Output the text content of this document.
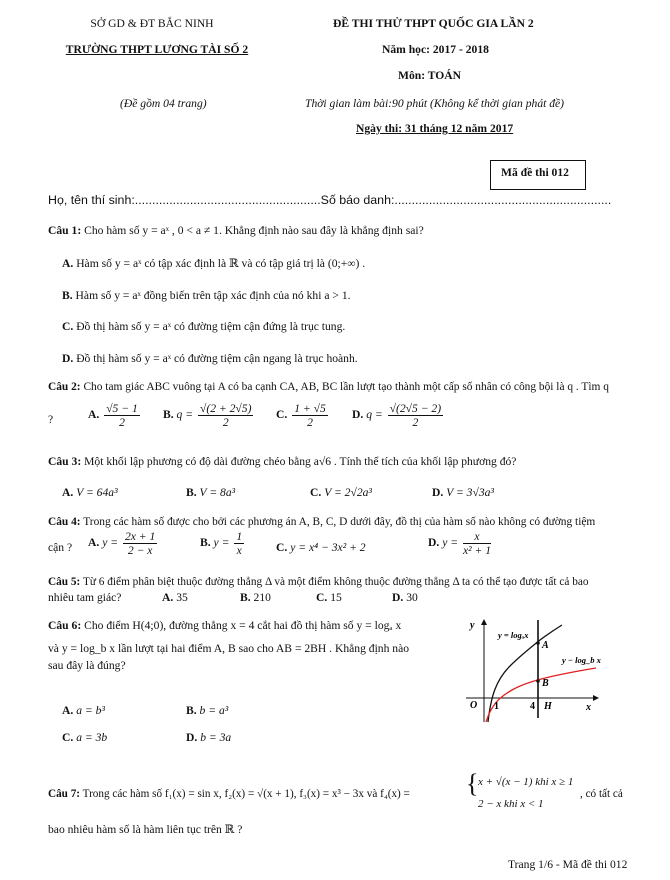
SỞ GD & ĐT BẮC NINH
TRƯỜNG THPT LƯƠNG TÀI SỐ 2
ĐỀ THI THỬ THPT QUỐC GIA LẦN 2
Năm học: 2017 - 2018
Môn: TOÁN
(Đề gồm 04 trang)	Thời gian làm bài:90 phút (Không kể thời gian phát đề)
Ngày thi: 31 tháng 12 năm 2017
Mã đề thi 012
Họ, tên thí sinh:......................................................Số báo danh:...............................................................
Câu 1: Cho hàm số y = aˣ , 0 < a ≠ 1. Khẳng định nào sau đây là khẳng định sai?
A. Hàm số y = aˣ có tập xác định là ℝ và có tập giá trị là (0;+∞) .
B. Hàm số y = aˣ đồng biến trên tập xác định của nó khi a > 1.
C. Đồ thị hàm số y = aˣ có đường tiệm cận đứng là trục tung.
D. Đồ thị hàm số y = aˣ có đường tiệm cận ngang là trục hoành.
Câu 2: Cho tam giác ABC vuông tại A có ba cạnh CA, AB, BC lần lượt tạo thành một cấp số nhân có công bội là q . Tìm q
?	A. $\frac{√5 - 1}{2} B$. $q = \frac{√(2 + 2√5)}{2} C$. $\frac{1 + √5}{2} D$. $q = \frac{√(2√5 - 2)}{2}$
Câu 3: Một khối lập phương có độ dài đường chéo bằng a√6 . Tính thể tích của khối lập phương đó?
A. V = 64a³	B. V = 8a³	C. V = 2√2a³	D. V = 3√3a³
Câu 4: Trong các hàm số được cho bởi các phương án A, B, C, D dưới đây, đồ thị của hàm số nào không có đường tiệm
cận ? A. $y = \frac{2x + 1}{2 - x}$	B. $y = \frac{1}{x}$	C. y = x⁴ − 3x² + 2	D. $y = \frac{x}{\text{x² + 1}}$
Câu 5: Từ 6 điểm phân biệt thuộc đường thẳng Δ và một điểm không thuộc đường thẳng Δ ta có thể tạo được tất cả bao
nhiêu tam giác?	A. 35	B. 210	C. 15	D. 30
Câu 6: Cho điểm H(4;0), đường thẳng x = 4 cắt hai đồ thị hàm số y = logₐ x
và y = log_b x lần lượt tại hai điểm A, B sao cho AB = 2BH . Khẳng định nào
sau đây là đúng?
A. a = b³	B. b = a³
C. a = 3b	D. b = 3a
y
x
O
y = logₐx
y − log_b x
A
B
H
1	4
Câu 7: Trong các hàm số f₁(x) = sin x, f₂(x) = √(x + 1), f₃(x) = x³ − 3x và f₄(x) = { x + √(x − 1) khi x ≥ 1
2 − x khi x < 1
, có tất cả
bao nhiêu hàm số là hàm liên tục trên ℝ ?
Trang 1/6 - Mã đề thi 012
